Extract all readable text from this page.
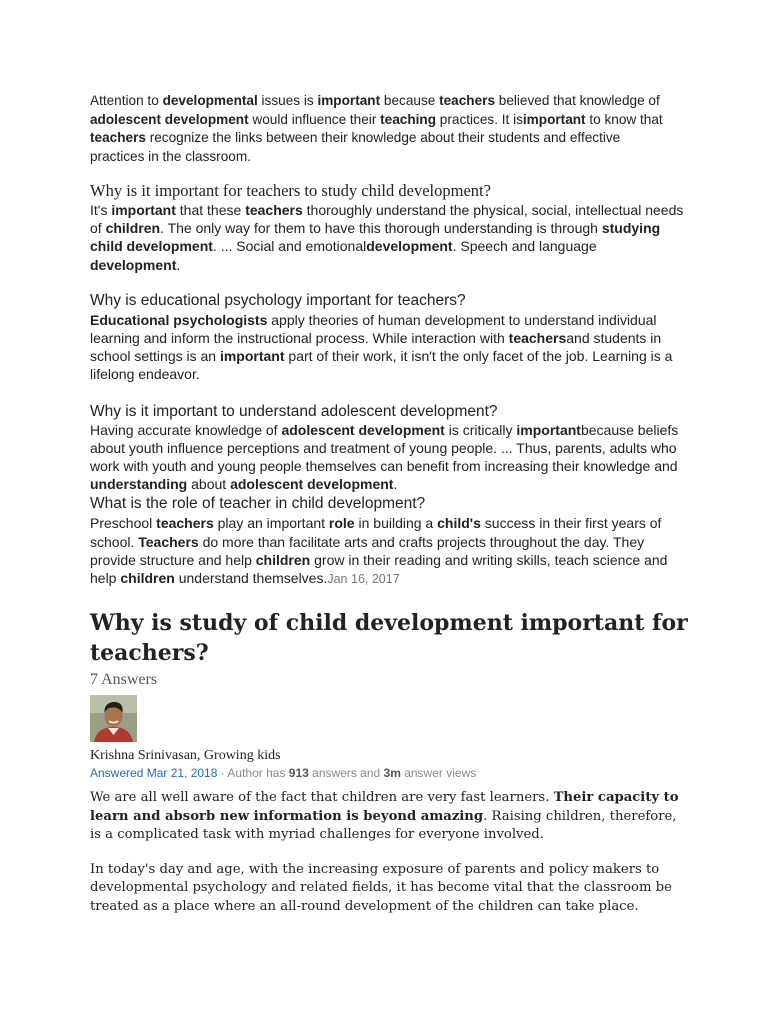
Attention to developmental issues is important because teachers believed that knowledge of adolescent development would influence their teaching practices. It isimportant to know that teachers recognize the links between their knowledge about their students and effective practices in the classroom.

Why is it important for teachers to study child development?

It's important that these teachers thoroughly understand the physical, social, intellectual needs of children. The only way for them to have this thorough understanding is through studying child development. ... Social and emotionaldevelopment. Speech and language development.

Why is educational psychology important for teachers?

Educational psychologists apply theories of human development to understand individual learning and inform the instructional process. While interaction with teachersand students in school settings is an important part of their work, it isn't the only facet of the job. Learning is a lifelong endeavor.

Why is it important to understand adolescent development?

Having accurate knowledge of adolescent development is critically importantbecause beliefs about youth influence perceptions and treatment of young people. ... Thus, parents, adults who work with youth and young people themselves can benefit from increasing their knowledge and understanding about adolescent development.

What is the role of teacher in child development?

Preschool teachers play an important role in building a child's success in their first years of school. Teachers do more than facilitate arts and crafts projects throughout the day. They provide structure and help children grow in their reading and writing skills, teach science and help children understand themselves.Jan 16, 2017

Why is study of child development important for teachers?

7 Answers

Krishna Srinivasan, Growing kids

Answered Mar 21, 2018 · Author has 913 answers and 3m answer views

We are all well aware of the fact that children are very fast learners. Their capacity to learn and absorb new information is beyond amazing. Raising children, therefore, is a complicated task with myriad challenges for everyone involved.

In today's day and age, with the increasing exposure of parents and policy makers to developmental psychology and related fields, it has become vital that the classroom be treated as a place where an all-round development of the children can take place.
